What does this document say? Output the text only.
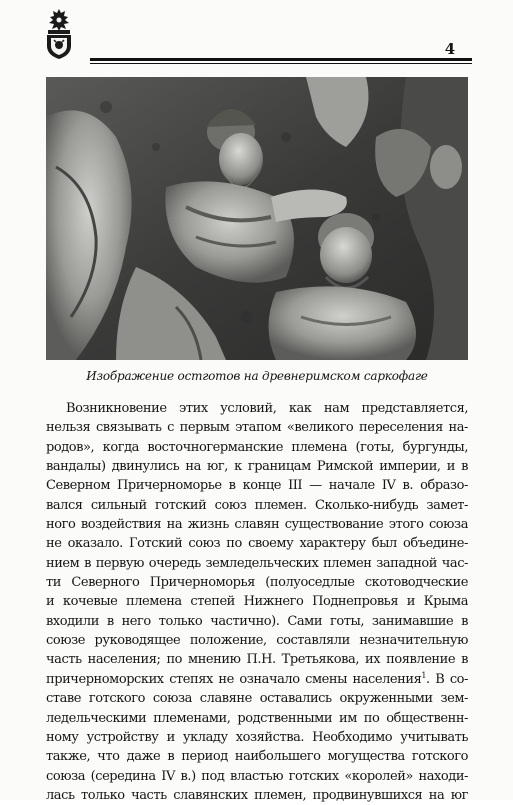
4
Изображение остготов на древнеримском саркофаге
Возникновение этих условий, как нам представляется,
нельзя связывать с первым этапом «великого переселения на-
родов», когда восточногерманские племена (готы, бургунды,
вандалы) двинулись на юг, к границам Римской империи, и в
Северном Причерноморье в конце III — начале IV в. образо-
вался сильный готский союз племен. Сколько-нибудь замет-
ного воздействия на жизнь славян существование этого союза
не оказало. Готский союз по своему характеру был объедине-
нием в первую очередь земледельческих племен западной час-
ти Северного Причерноморья (полуоседлые скотоводческие
и кочевые племена степей Нижнего Поднепровья и Крыма
входили в него только частично). Сами готы, занимавшие в
союзе руководящее положение, составляли незначительную
часть населения; по мнению П.Н. Третьякова, их появление в
причерноморских степях не означало смены населения$^1$. В со-
ставе готского союза славяне оставались окруженными зем-
ледельческими племенами, родственными им по общественн-
ному устройству и укладу хозяйства. Необходимо учитывать
также, что даже в период наибольшего могущества готского
союза (середина IV в.) под властью готских «королей» находи-
лась только часть славянских племен, продвинувшихся на юг
